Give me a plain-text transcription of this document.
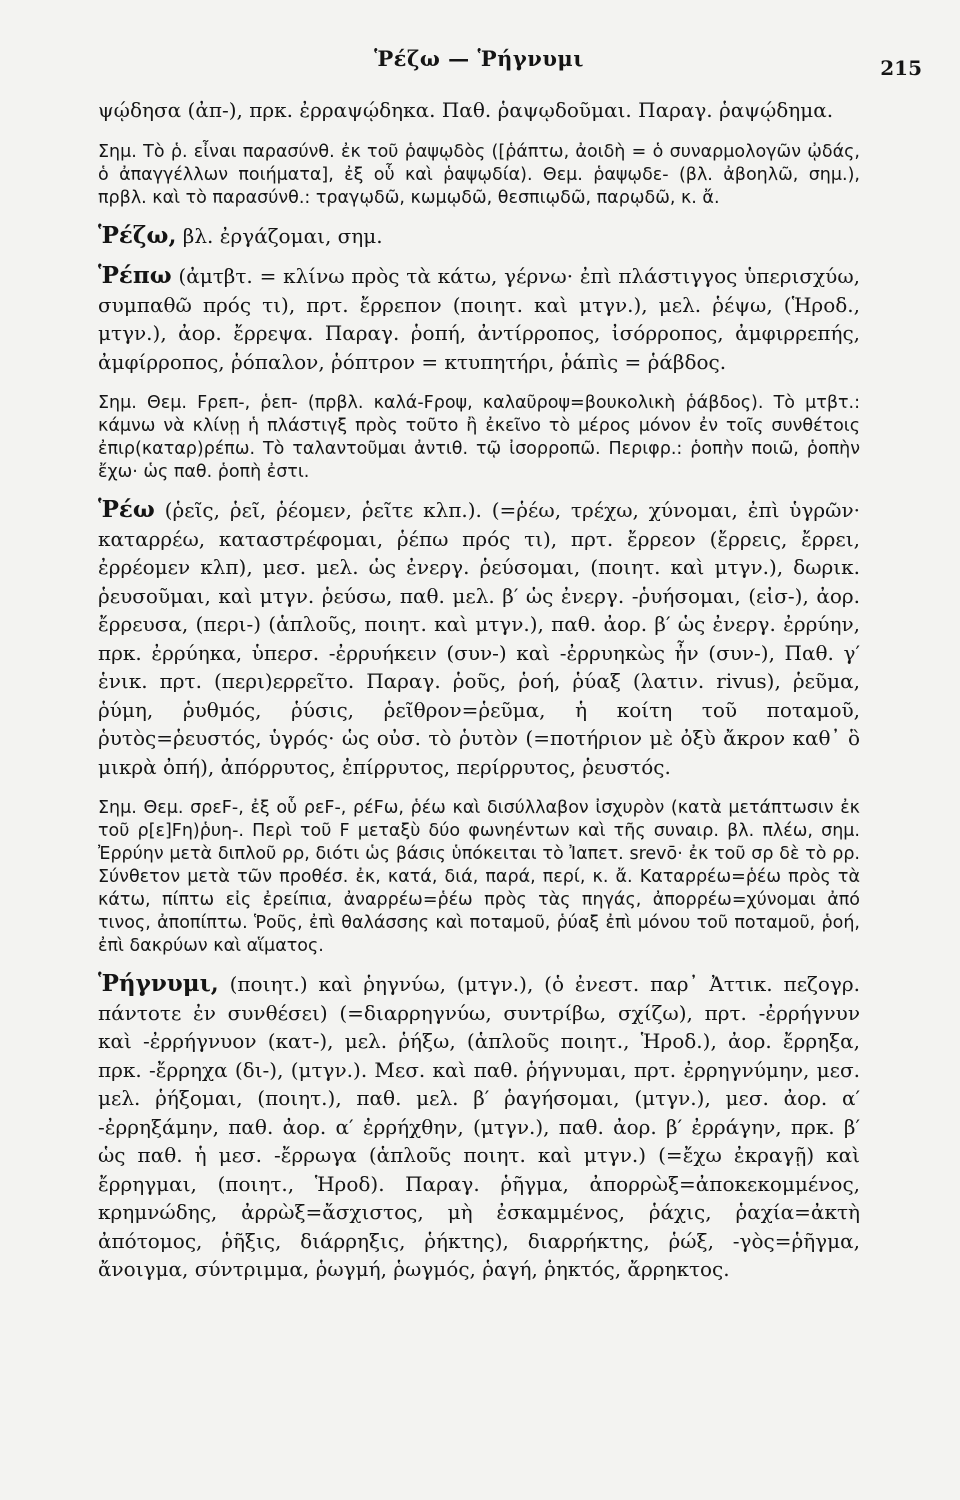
Ῥέζω — Ῥήγνυμι	215

ψῴδησα (ἀπ-), πρκ. ἐρραψῴδηκα. Παθ. ῥαψῳδοῦμαι. Παραγ. ῥαψῴδημα.

Σημ. Τὸ ῥ. εἶναι παρασύνθ. ἐκ τοῦ ῥαψῳδὸς ([ῥάπτω, ἀοιδὴ = ὁ συναρμολογῶν ᾠδάς, ὁ ἀπαγγέλλων ποιήματα], ἐξ οὗ καὶ ῥαψῳδία). Θεμ. ῥαψῳδε- (βλ. ἀβοηλῶ, σημ.), πρβλ. καὶ τὸ παρασύνθ.: τραγῳδῶ, κωμῳδῶ, θεσπιῳδῶ, παρῳδῶ, κ. ἄ.

Ῥέζω, βλ. ἐργάζομαι, σημ.

Ῥέπω (ἀμτβτ. = κλίνω πρὸς τὰ κάτω, γέρνω· ἐπὶ πλάστιγγος ὑπερισχύω, συμπαθῶ πρός τι), πρτ. ἔρρεπον (ποιητ. καὶ μτγν.), μελ. ῥέψω, (Ἡροδ., μτγν.), ἀορ. ἔρρεψα. Παραγ. ῥοπή, ἀντίρροπος, ἰσόρροπος, ἀμφιρρεπής, ἀμφίρροπος, ῥόπαλον, ῥόπτρον = κτυπητήρι, ῥάπὶς = ῥάβδος.

Σημ. Θεμ. Fρεπ-, ῥεπ- (πρβλ. καλά-Fροψ, καλαῦροψ=βουκολικὴ ῥάβδος). Τὸ μτβτ.: κάμνω νὰ κλίνῃ ἡ πλάστιγξ πρὸς τοῦτο ἢ ἐκεῖνο τὸ μέρος μόνον ἐν τοῖς συνθέτοις ἐπιρ(καταρ)ρέπω. Τὸ ταλαντοῦμαι ἀντιθ. τῷ ἰσορροπῶ. Περιφρ.: ῥοπὴν ποιῶ, ῥοπὴν ἔχω· ὡς παθ. ῥοπὴ ἐστι.

Ῥέω (ῥεῖς, ῥεῖ, ῥέομεν, ῥεῖτε κλπ.). (=ῥέω, τρέχω, χύνομαι, ἐπὶ ὑγρῶν· καταρρέω, καταστρέφομαι, ῥέπω πρός τι), πρτ. ἔρρεον (ἔρρεις, ἔρρει, ἐρρέομεν κλπ), μεσ. μελ. ὡς ἐνεργ. ῥεύσομαι, (ποιητ. καὶ μτγν.), δωρικ. ῥευσοῦμαι, καὶ μτγν. ῥεύσω, παθ. μελ. β′ ὡς ἐνεργ. -ῥυήσομαι, (εἰσ-), ἀορ. ἔρρευσα, (περι-) (ἁπλοῦς, ποιητ. καὶ μτγν.), παθ. ἀορ. β′ ὡς ἐνεργ. ἐρρύην, πρκ. ἐρρύηκα, ὑπερσ. -ἐρρυήκειν (συν-) καὶ -ἐρρυηκὼς ἦν (συν-), Παθ. γ′ ἑνικ. πρτ. (περι)ερρεῖτο. Παραγ. ῥοῦς, ῥοή, ῥύαξ (λατιν. rivus), ῥεῦμα, ῥύμη, ῥυθμός, ῥύσις, ῥεῖθρον=ῥεῦμα, ἡ κοίτη τοῦ ποταμοῦ, ῥυτὸς=ῥευστός, ὑγρός· ὡς οὐσ. τὸ ῥυτὸν (=ποτήριον μὲ ὀξὺ ἄκρον καθ᾽ ὃ μικρὰ ὀπή), ἀπόρρυτος, ἐπίρρυτος, περίρρυτος, ῥευστός.

Σημ. Θεμ. σρεF-, ἐξ οὗ ρεF-, ρέFω, ῥέω καὶ δισύλλαβον ἰσχυρὸν (κατὰ μετάπτωσιν ἐκ τοῦ ρ[ε]Fη)ῥυη-. Περὶ τοῦ F μεταξὺ δύο φωνηέντων καὶ τῆς συναιρ. βλ. πλέω, σημ. Ἐρρύην μετὰ διπλοῦ ρρ, διότι ὡς βάσις ὑπόκειται τὸ Ἰαπετ. srevō· ἐκ τοῦ σρ δὲ τὸ ρρ. Σύνθετον μετὰ τῶν προθέσ. ἐκ, κατά, διά, παρά, περί, κ. ἄ. Καταρρέω=ῥέω πρὸς τὰ κάτω, πίπτω εἰς ἐρείπια, ἀναρρέω=ῥέω πρὸς τὰς πηγάς, ἀπορρέω=χύνομαι ἀπό τινος, ἀποπίπτω. Ῥοῦς, ἐπὶ θαλάσσης καὶ ποταμοῦ, ῥύαξ ἐπὶ μόνου τοῦ ποταμοῦ, ῥοή, ἐπὶ δακρύων καὶ αἵματος.

Ῥήγνυμι, (ποιητ.) καὶ ῥηγνύω, (μτγν.), (ὁ ἐνεστ. παρ᾽ Ἀττικ. πεζογρ. πάντοτε ἐν συνθέσει) (=διαρρηγνύω, συντρίβω, σχίζω), πρτ. -ἐρρήγνυν καὶ -ἐρρήγνυον (κατ-), μελ. ῥήξω, (ἁπλοῦς ποιητ., Ἡροδ.), ἀορ. ἔρρηξα, πρκ. -ἔρρηχα (δι-), (μτγν.). Μεσ. καὶ παθ. ῥήγνυμαι, πρτ. ἐρρηγνύμην, μεσ. μελ. ῥήξομαι, (ποιητ.), παθ. μελ. β′ ῥαγήσομαι, (μτγν.), μεσ. ἀορ. α′ -ἐρρηξάμην, παθ. ἀορ. α′ ἐρρήχθην, (μτγν.), παθ. ἀορ. β′ ἐρράγην, πρκ. β′ ὡς παθ. ἡ μεσ. -ἔρρωγα (ἁπλοῦς ποιητ. καὶ μτγν.) (=ἔχω ἐκραγῇ) καὶ ἔρρηγμαι, (ποιητ., Ἡροδ). Παραγ. ῥῆγμα, ἀπορρὼξ=ἀποκεκομμένος, κρημνώδης, ἀρρὼξ=ἄσχιστος, μὴ ἐσκαμμένος, ῥάχις, ῥαχία=ἀκτὴ ἀπότομος, ῥῆξις, διάρρηξις, ῥήκτης), διαρρήκτης, ῥώξ, -γὸς=ῥῆγμα, ἄνοιγμα, σύντριμμα, ῥωγμή, ῥωγμός, ῥαγή, ῥηκτός, ἄρρηκτος.
